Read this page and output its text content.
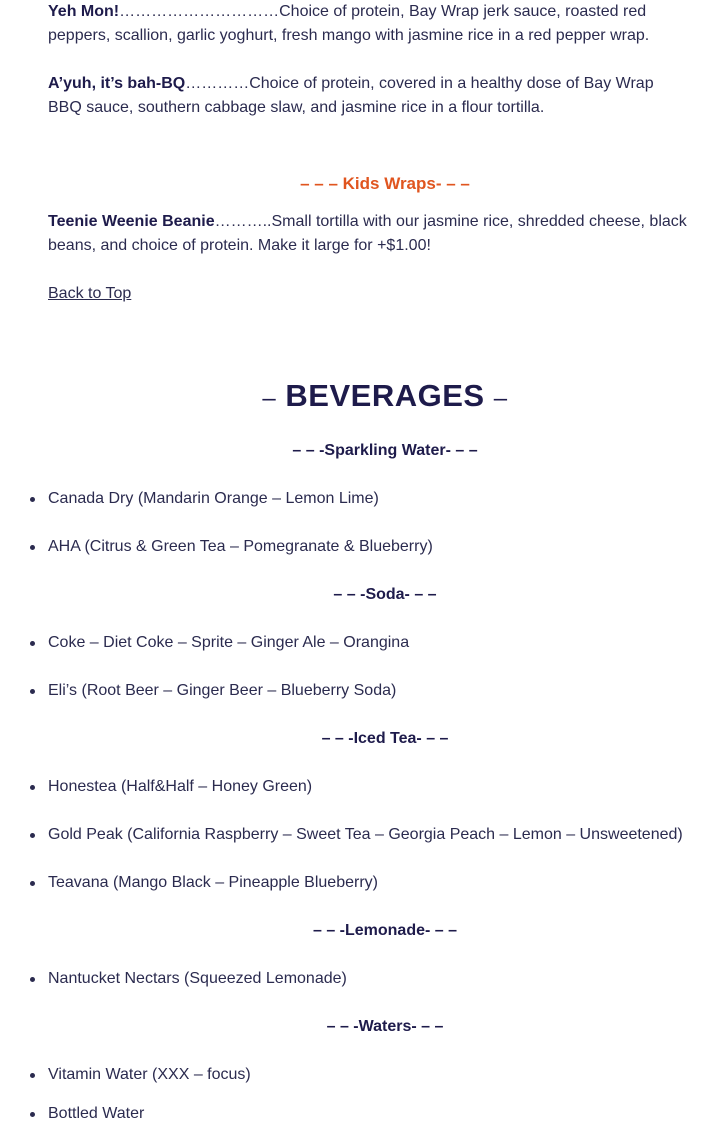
Yeh Mon!…………………………Choice of protein, Bay Wrap jerk sauce, roasted red peppers, scallion, garlic yoghurt, fresh mango with jasmine rice in a red pepper wrap.

A’yuh, it’s bah-BQ…………Choice of protein, covered in a healthy dose of Bay Wrap BBQ sauce, southern cabbage slaw, and jasmine rice in a flour tortilla.

– – – Kids Wraps- – –

Teenie Weenie Beanie………..Small tortilla with our jasmine rice, shredded cheese, black beans, and choice of protein. Make it large for +$1.00!

Back to Top
– BEVERAGES –

– – -Sparkling Water- – –

Canada Dry (Mandarin Orange – Lemon Lime)
AHA (Citrus & Green Tea – Pomegranate & Blueberry)

– – -Soda- – –

Coke – Diet Coke – Sprite – Ginger Ale – Orangina
Eli’s (Root Beer – Ginger Beer – Blueberry Soda)

– – -Iced Tea- – –

Honestea (Half&Half – Honey Green)
Gold Peak (California Raspberry – Sweet Tea – Georgia Peach – Lemon – Unsweetened)
Teavana (Mango Black – Pineapple Blueberry)

– – -Lemonade- – –

Nantucket Nectars (Squeezed Lemonade)

– – -Waters- – –

Vitamin Water (XXX – focus)
Bottled Water
